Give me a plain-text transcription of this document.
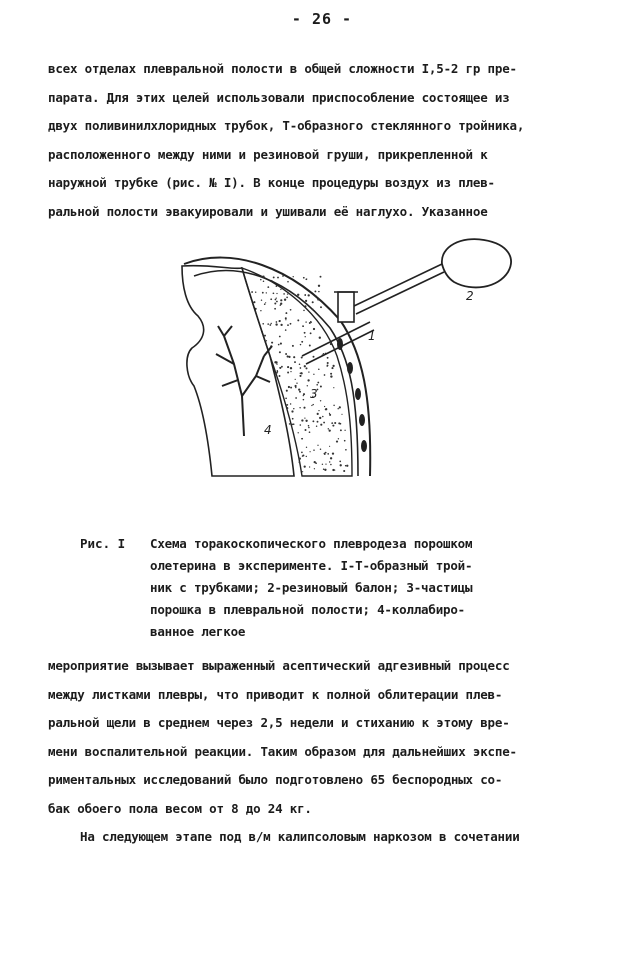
- 26 -
всех отделах плевральной полости в общей сложности I,5-2 гр пре-
парата. Для этих целей использовали приспособление состоящее из
двух поливинилхлоридных трубок, Т-образного стеклянного тройника,
расположенного между ними и резиновой груши, прикрепленной к
наружной трубке (рис. № I). В конце процедуры воздух из плев-
ральной полости эвакуировали и ушивали её наглухо. Указанное
1
2
3
4
Рис. I Схема торакоскопического плевродеза порошком
олетерина в эксперименте. I-Т-образный трой-
ник с трубками; 2-резиновый балон; 3-частицы
порошка в плевральной полости; 4-коллабиро-
ванное легкое
мероприятие вызывает выраженный асептический адгезивный процесс
между листками плевры, что приводит к полной облитерации плев-
ральной щели в среднем через 2,5 недели и стиханию к этому вре-
мени воспалительной реакции. Таким образом для дальнейших экспе-
риментальных исследований было подготовлено 65 беспородных со-
бак обоего пола весом от 8 до 24 кг.
На следующем этапе под в/м калипсоловым наркозом в сочетании
